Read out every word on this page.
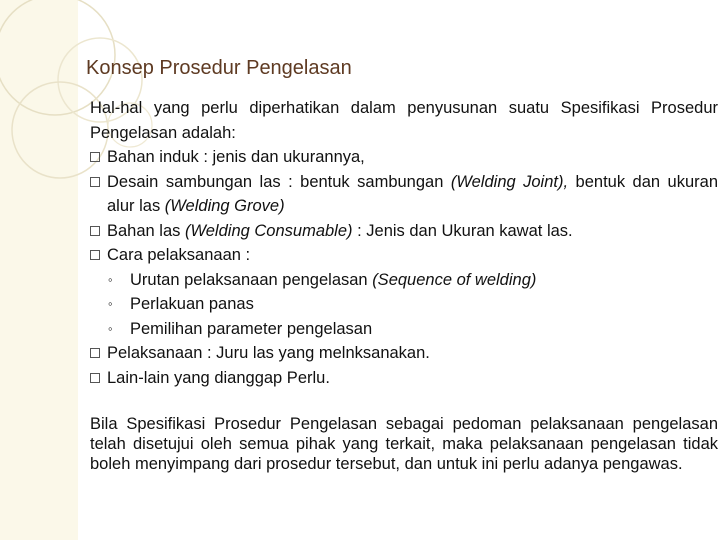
Konsep Prosedur Pengelasan
Hal-hal yang perlu diperhatikan dalam penyusunan suatu Spesifikasi Prosedur Pengelasan adalah:
Bahan induk : jenis dan ukurannya,
Desain sambungan las : bentuk sambungan (Welding Joint), bentuk dan ukuran alur las (Welding Grove)
Bahan las (Welding Consumable) : Jenis dan Ukuran kawat las.
Cara pelaksanaan :
◦	Urutan pelaksanaan pengelasan (Sequence of welding)
◦	Perlakuan panas
◦	Pemilihan parameter pengelasan
Pelaksanaan : Juru las yang melnksanakan.
Lain-lain yang dianggap Perlu.
Bila Spesifikasi Prosedur Pengelasan sebagai pedoman pelaksanaan pengelasan telah disetujui oleh semua pihak yang terkait, maka pelaksanaan pengelasan tidak boleh menyimpang dari prosedur tersebut, dan untuk ini perlu adanya pengawas.
